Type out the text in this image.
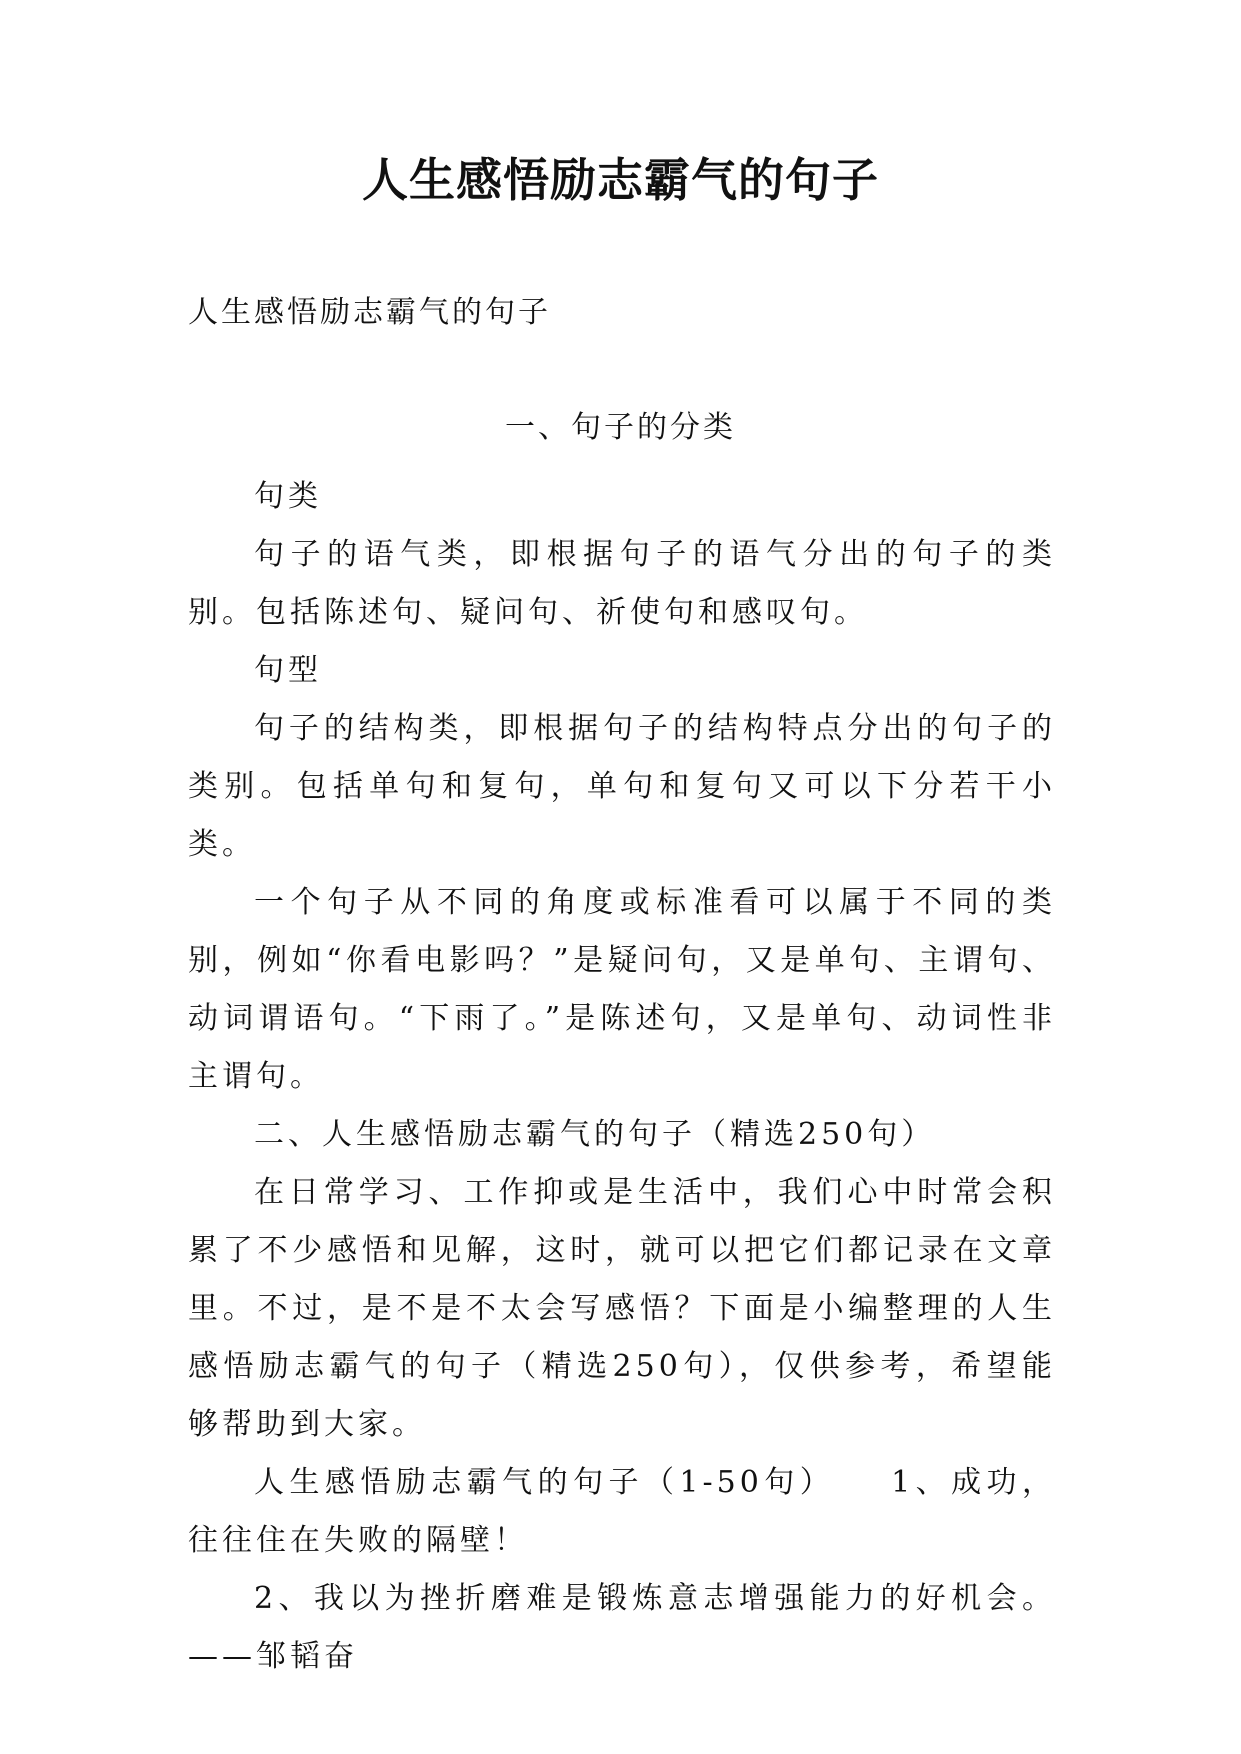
人生感悟励志霸气的句子
人生感悟励志霸气的句子
一、句子的分类

句类

句子的语气类，即根据句子的语气分出的句子的类别。包括陈述句、疑问句、祈使句和感叹句。

句型

句子的结构类，即根据句子的结构特点分出的句子的类别。包括单句和复句，单句和复句又可以下分若干小类。

一个句子从不同的角度或标准看可以属于不同的类别，例如“你看电影吗？”是疑问句，又是单句、主谓句、动词谓语句。“下雨了。”是陈述句，又是单句、动词性非主谓句。

二、人生感悟励志霸气的句子（精选250句）

在日常学习、工作抑或是生活中，我们心中时常会积累了不少感悟和见解，这时，就可以把它们都记录在文章里。不过，是不是不太会写感悟？下面是小编整理的人生感悟励志霸气的句子（精选250句），仅供参考，希望能够帮助到大家。

人生感悟励志霸气的句子（1-50句）　　1、成功，往往住在失败的隔壁！

2、我以为挫折磨难是锻炼意志增强能力的好机会。——邹韬奋
